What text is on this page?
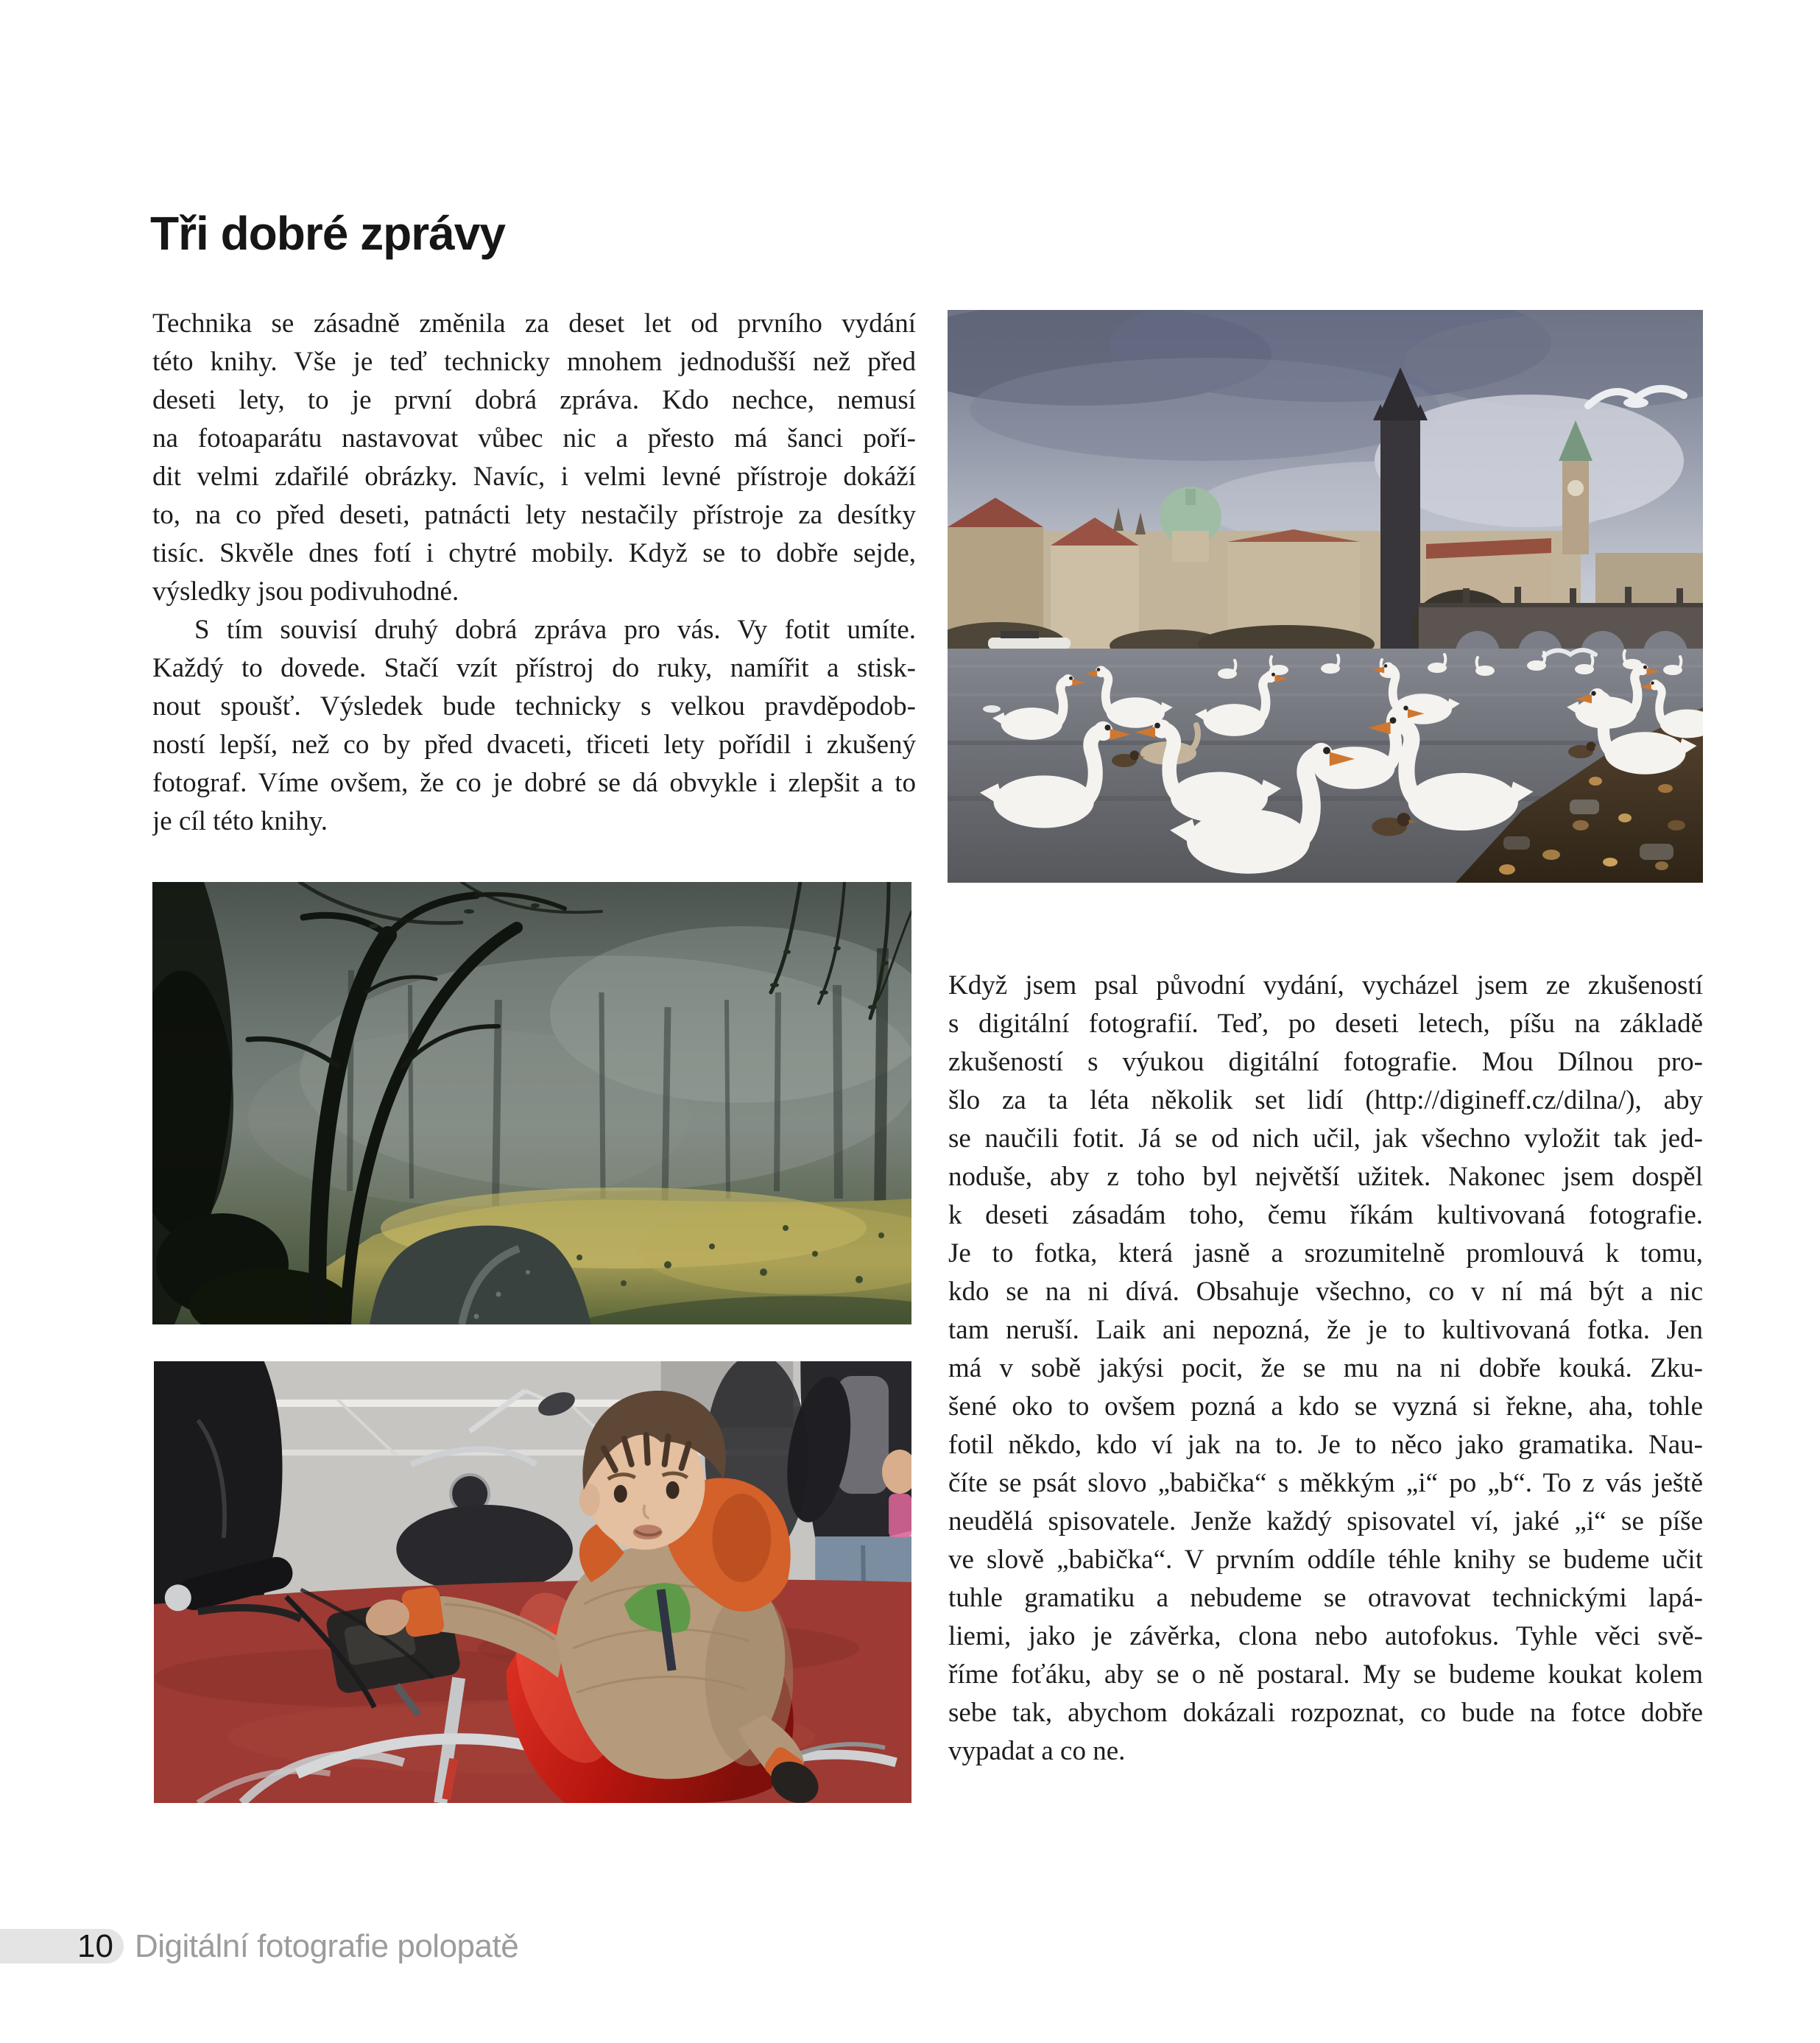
Tři dobré zprávy
Technika se zásadně změnila za deset let od prvního vydání
této knihy. Vše je teď technicky mnohem jednodušší než před
deseti lety, to je první dobrá zpráva. Kdo nechce, nemusí
na fotoaparátu nastavovat vůbec nic a přesto má šanci poří-
dit velmi zdařilé obrázky. Navíc, i velmi levné přístroje dokáží
to, na co před deseti, patnácti lety nestačily přístroje za desítky
tisíc. Skvěle dnes fotí i chytré mobily. Když se to dobře sejde,
výsledky jsou podivuhodné.
S tím souvisí druhý dobrá zpráva pro vás. Vy fotit umíte.
Každý to dovede. Stačí vzít přístroj do ruky, namířit a stisk-
nout spoušť. Výsledek bude technicky s velkou pravděpodob-
ností lepší, než co by před dvaceti, třiceti lety pořídil i zkušený
fotograf. Víme ovšem, že co je dobré se dá obvykle i zlepšit a to
je cíl této knihy.
Když jsem psal původní vydání, vycházel jsem ze zkušeností
s digitální fotografií. Teď, po deseti letech, píšu na základě
zkušeností s výukou digitální fotografie. Mou Dílnou pro-
šlo za ta léta několik set lidí (http://digineff.cz/dilna/), aby
se naučili fotit. Já se od nich učil, jak všechno vyložit tak jed-
noduše, aby z toho byl největší užitek. Nakonec jsem dospěl
k deseti zásadám toho, čemu říkám kultivovaná fotografie.
Je to fotka, která jasně a srozumitelně promlouvá k tomu,
kdo se na ni dívá. Obsahuje všechno, co v ní má být a nic
tam neruší. Laik ani nepozná, že je to kultivovaná fotka. Jen
má v sobě jakýsi pocit, že se mu na ni dobře kouká. Zku-
šené oko to ovšem pozná a kdo se vyzná si řekne, aha, tohle
fotil někdo, kdo ví jak na to. Je to něco jako gramatika. Nau-
číte se psát slovo „babička“ s měkkým „i“ po „b“. To z vás ještě
neudělá spisovatele. Jenže každý spisovatel ví, jaké „i“ se píše
ve slově „babička“. V prvním oddíle téhle knihy se budeme učit
tuhle gramatiku a nebudeme se otravovat technickými lapá-
liemi, jako je závěrka, clona nebo autofokus. Tyhle věci svě-
říme foťáku, aby se o ně postaral. My se budeme koukat kolem
sebe tak, abychom dokázali rozpoznat, co bude na fotce dobře
vypadat a co ne.
10 Digitální fotografie polopatě
